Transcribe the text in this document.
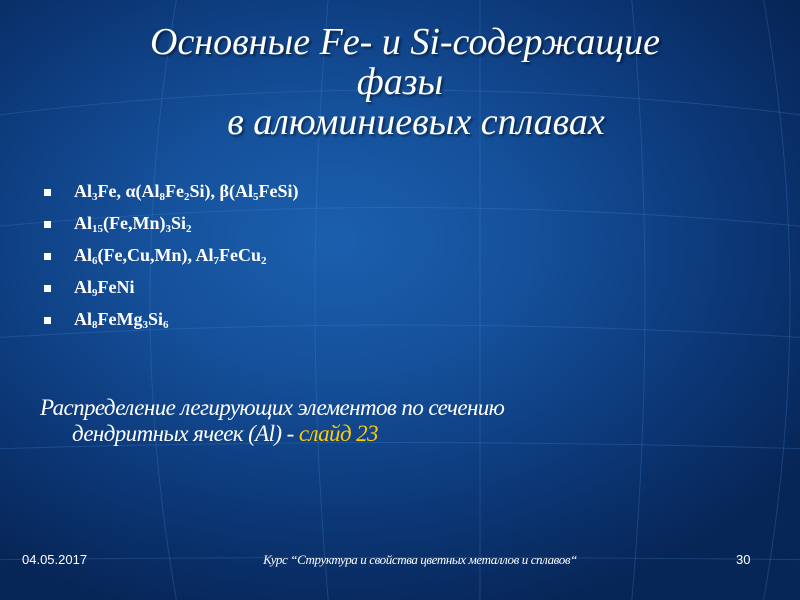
Основные Fe- и Si-содержащие
фазы
в алюминиевых сплавах
$Al_3Fe$, $\alpha(Al_8Fe_2Si)$, $\beta(Al_5FeSi)$
$Al_{15}(Fe,Mn)_3Si_2$
$Al_6(Fe,Cu,Mn)$, $Al_7FeCu_2$
$Al_9FeNi$
$Al_8FeMg_3Si_6$
Распределение легирующих элементов по сечению
дендритных ячеек (Al) - слайд 23
04.05.2017	Курс “Структура и свойства цветных металлов и сплавов“	30
